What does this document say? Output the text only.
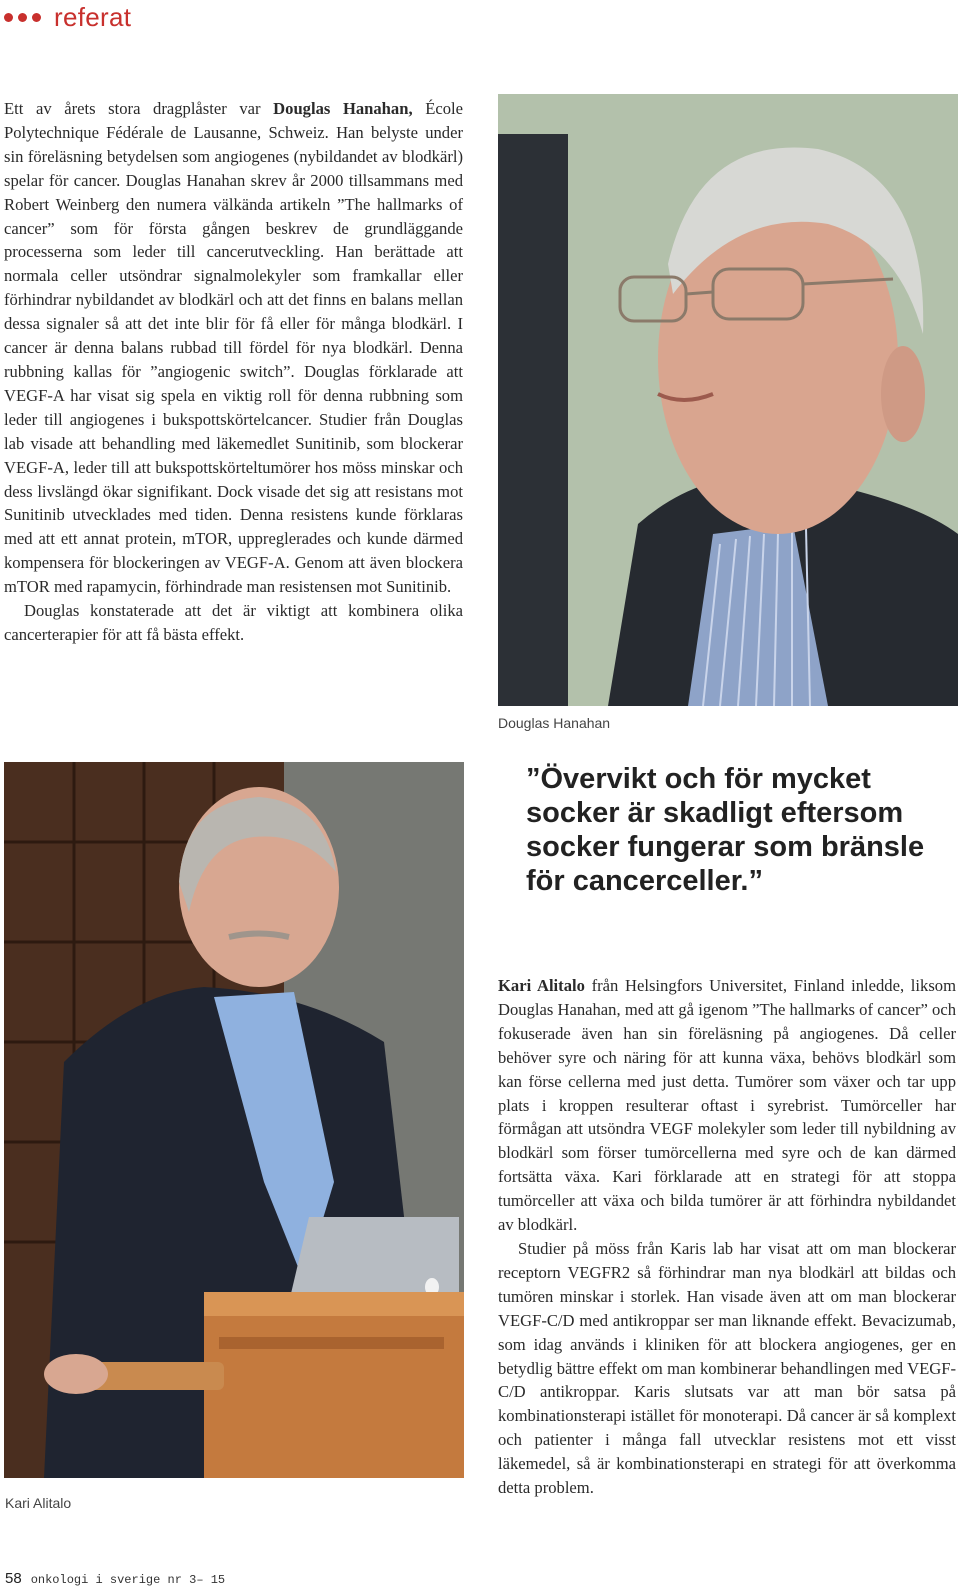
referat

Ett av årets stora dragplåster var Douglas Hanahan, École Polytechnique Fédérale de Lausanne, Schweiz. Han belyste under sin föreläsning betydelsen som angiogenes (nybildandet av blodkärl) spelar för cancer. Douglas Hanahan skrev år 2000 tillsammans med Robert Weinberg den numera välkända artikeln ”The hallmarks of cancer” som för första gången beskrev de grundläggande processerna som leder till cancerutveckling. Han berättade att normala celler utsöndrar signalmolekyler som framkallar eller förhindrar nybildandet av blodkärl och att det finns en balans mellan dessa signaler så att det inte blir för få eller för många blodkärl. I cancer är denna balans rubbad till fördel för nya blodkärl. Denna rubbning kallas för ”angiogenic switch”. Douglas förklarade att VEGF-A har visat sig spela en viktig roll för denna rubbning som leder till angiogenes i bukspottskörtelcancer. Studier från Douglas lab visade att behandling med läkemedlet Sunitinib, som blockerar VEGF-A, leder till att bukspottskörteltumörer hos möss minskar och dess livslängd ökar signifikant. Dock visade det sig att resistans mot Sunitinib utvecklades med tiden. Denna resistens kunde förklaras med att ett annat protein, mTOR, uppreglerades och kunde därmed kompensera för blockeringen av VEGF-A. Genom att även blockera mTOR med rapamycin, förhindrade man resistensen mot Sunitinib.

Douglas konstaterade att det är viktigt att kombinera olika cancerterapier för att få bästa effekt.

Douglas Hanahan
Kari Alitalo
”Övervikt och för mycket socker är skadligt eftersom socker fungerar som bränsle för cancerceller.”

Kari Alitalo från Helsingfors Universitet, Finland inledde, liksom Douglas Hanahan, med att gå igenom ”The hallmarks of cancer” och fokuserade även han sin föreläsning på angiogenes. Då celler behöver syre och näring för att kunna växa, behövs blodkärl som kan förse cellerna med just detta. Tumörer som växer och tar upp plats i kroppen resulterar oftast i syrebrist. Tumörceller har förmågan att utsöndra VEGF molekyler som leder till nybildning av blodkärl som förser tumörcellerna med syre och de kan därmed fortsätta växa. Kari förklarade att en strategi för att stoppa tumörceller att växa och bilda tumörer är att förhindra nybildandet av blodkärl.

Studier på möss från Karis lab har visat att om man blockerar receptorn VEGFR2 så förhindrar man nya blodkärl att bildas och tumören minskar i storlek. Han visade även att om man blockerar VEGF-C/D med antikroppar ser man liknande effekt. Bevacizumab, som idag används i kliniken för att blockera angiogenes, ger en betydlig bättre effekt om man kombinerar behandlingen med VEGF-C/D antikroppar. Karis slutsats var att man bör satsa på kombinationsterapi istället för monoterapi. Då cancer är så komplext och patienter i många fall utvecklar resistens mot ett visst läkemedel, så är kombinationsterapi en strategi för att överkomma detta problem.

58 onkologi i sverige nr 3– 15
